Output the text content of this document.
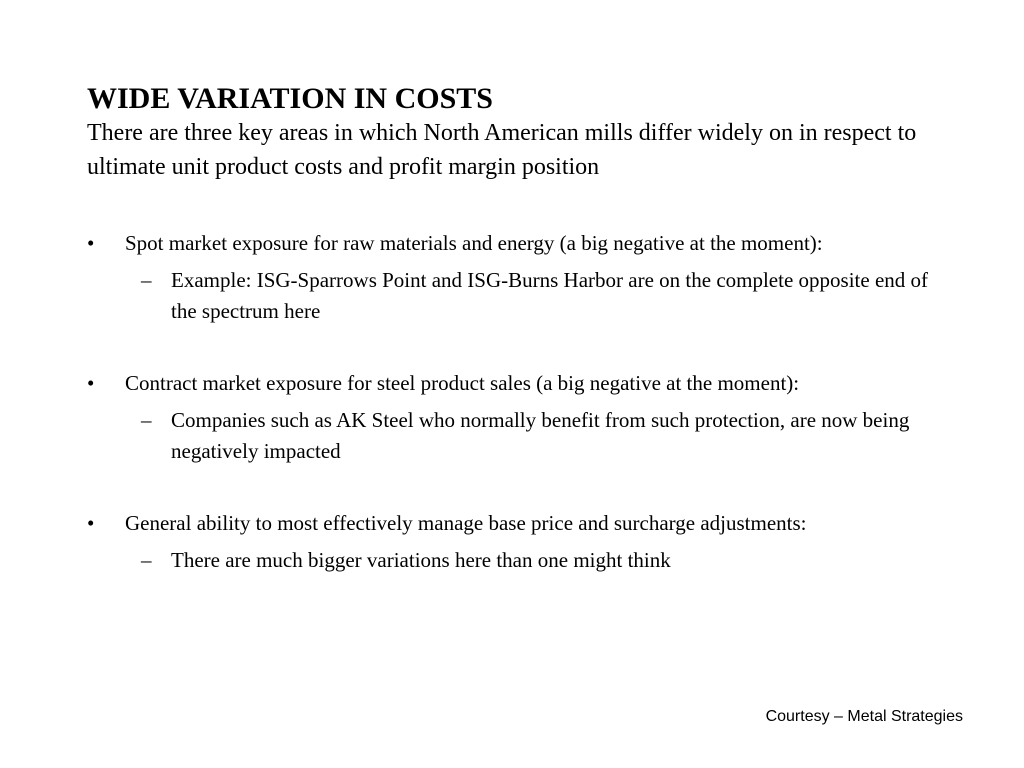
WIDE VARIATION IN COSTS

There are three key areas in which North American mills differ widely on in respect to ultimate unit product costs and profit margin position

•	Spot market exposure for raw materials and energy (a big negative at the moment):
– Example: ISG-Sparrows Point and ISG-Burns Harbor are on the complete opposite end of the spectrum here
•	Contract market exposure for steel product sales (a big negative at the moment):
– Companies such as AK Steel who normally benefit from such protection, are now being negatively impacted
•	General ability to most effectively manage base price and surcharge adjustments:
– There are much bigger variations here than one might think
Courtesy – Metal Strategies
